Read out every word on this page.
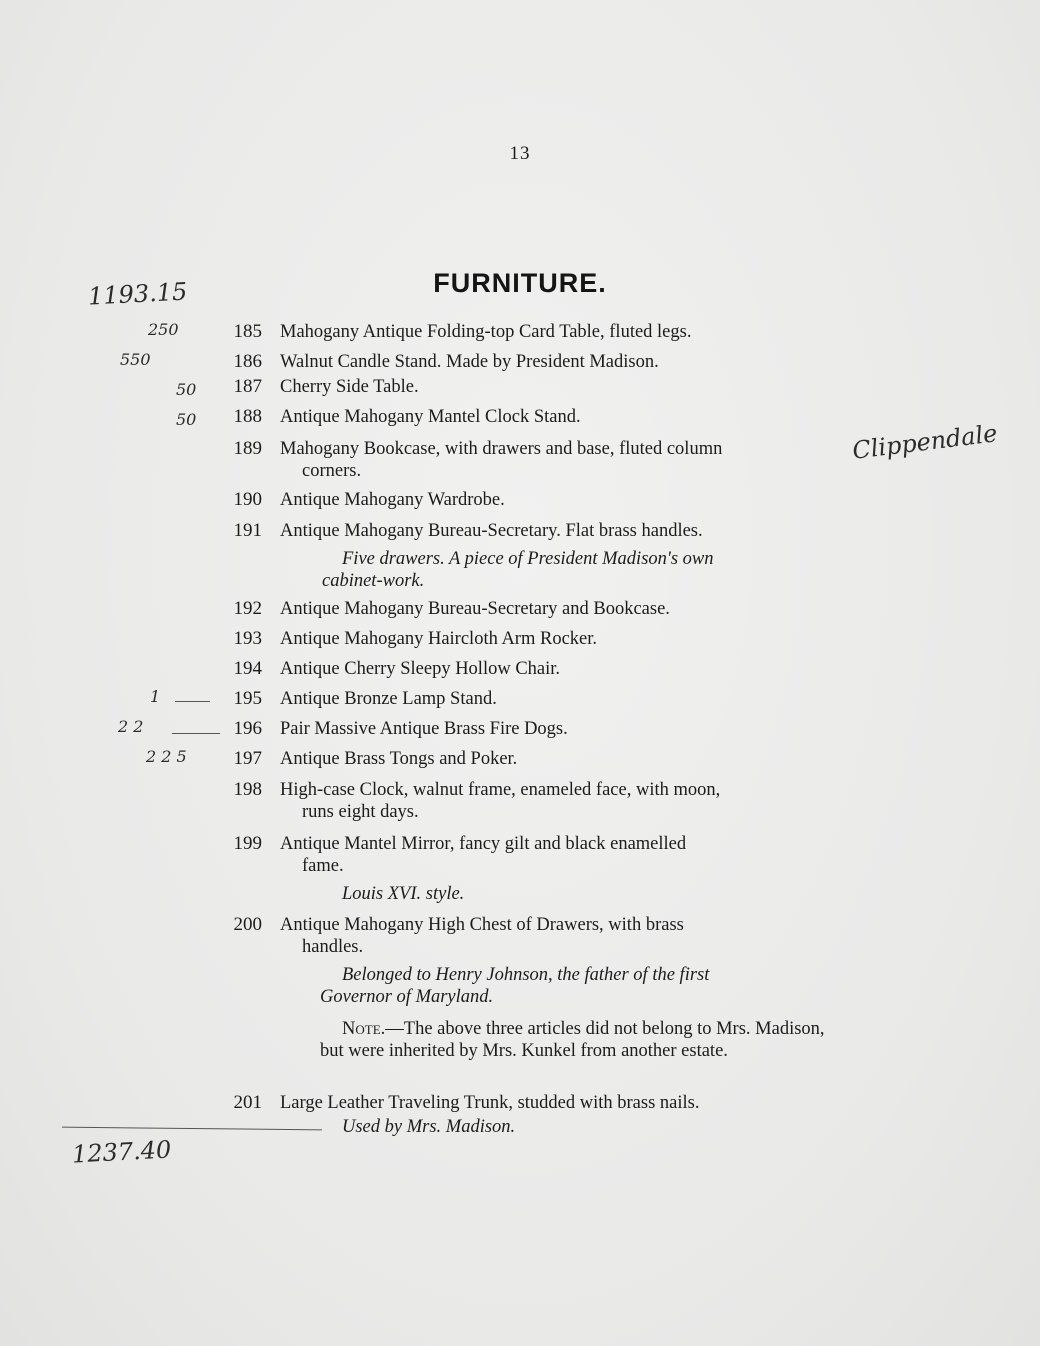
13
FURNITURE.
1193.15
250
550
50
50	Clippendale
1
2 2
2 2 5
1237.40
185 Mahogany Antique Folding-top Card Table, fluted legs.
186 Walnut Candle Stand. Made by President Madison.
187 Cherry Side Table.
188 Antique Mahogany Mantel Clock Stand.
189 Mahogany Bookcase, with drawers and base, fluted column
corners.
190 Antique Mahogany Wardrobe.
191 Antique Mahogany Bureau-Secretary. Flat brass handles.
Five drawers. A piece of President Madison's own
cabinet-work.
192 Antique Mahogany Bureau-Secretary and Bookcase.
193 Antique Mahogany Haircloth Arm Rocker.
194 Antique Cherry Sleepy Hollow Chair.
195 Antique Bronze Lamp Stand.
196 Pair Massive Antique Brass Fire Dogs.
197 Antique Brass Tongs and Poker.
198 High-case Clock, walnut frame, enameled face, with moon,
runs eight days.
199 Antique Mantel Mirror, fancy gilt and black enamelled
fame.
Louis XVI. style.
200 Antique Mahogany High Chest of Drawers, with brass
handles.
Belonged to Henry Johnson, the father of the first
Governor of Maryland.
Note.—The above three articles did not belong to Mrs. Madison, but were inherited by Mrs. Kunkel from another estate.
201 Large Leather Traveling Trunk, studded with brass nails.
Used by Mrs. Madison.
